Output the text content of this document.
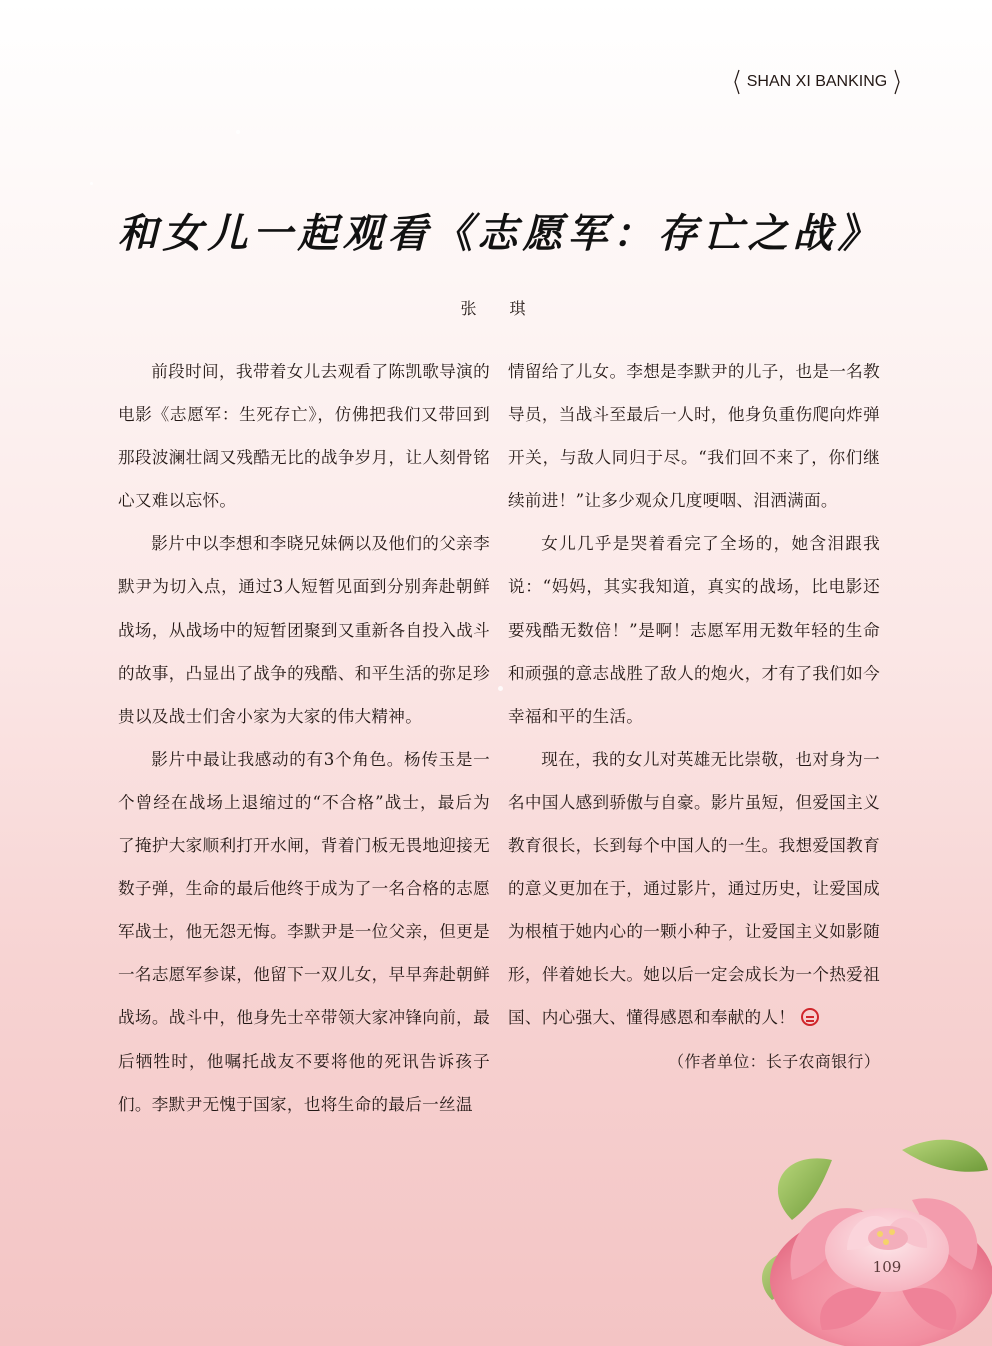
SHAN XI BANKING
和女儿一起观看《志愿军：存亡之战》
张 琪

前段时间，我带着女儿去观看了陈凯歌导演的电影《志愿军：生死存亡》，仿佛把我们又带回到那段波澜壮阔又残酷无比的战争岁月，让人刻骨铭心又难以忘怀。

影片中以李想和李晓兄妹俩以及他们的父亲李默尹为切入点，通过3人短暂见面到分别奔赴朝鲜战场，从战场中的短暂团聚到又重新各自投入战斗的故事，凸显出了战争的残酷、和平生活的弥足珍贵以及战士们舍小家为大家的伟大精神。

影片中最让我感动的有3个角色。杨传玉是一个曾经在战场上退缩过的“不合格”战士，最后为了掩护大家顺利打开水闸，背着门板无畏地迎接无数子弹，生命的最后他终于成为了一名合格的志愿军战士，他无怨无悔。李默尹是一位父亲，但更是一名志愿军参谋，他留下一双儿女，早早奔赴朝鲜战场。战斗中，他身先士卒带领大家冲锋向前，最后牺牲时，他嘱托战友不要将他的死讯告诉孩子们。李默尹无愧于国家，也将生命的最后一丝温

情留给了儿女。李想是李默尹的儿子，也是一名教导员，当战斗至最后一人时，他身负重伤爬向炸弹开关，与敌人同归于尽。“我们回不来了，你们继续前进！”让多少观众几度哽咽、泪洒满面。

女儿几乎是哭着看完了全场的，她含泪跟我说：“妈妈，其实我知道，真实的战场，比电影还要残酷无数倍！”是啊！志愿军用无数年轻的生命和顽强的意志战胜了敌人的炮火，才有了我们如今幸福和平的生活。

现在，我的女儿对英雄无比崇敬，也对身为一名中国人感到骄傲与自豪。影片虽短，但爱国主义教育很长，长到每个中国人的一生。我想爱国教育的意义更加在于，通过影片，通过历史，让爱国成为根植于她内心的一颗小种子，让爱国主义如影随形，伴着她长大。她以后一定会成长为一个热爱祖国、内心强大、懂得感恩和奉献的人！

（作者单位：长子农商银行）

109
